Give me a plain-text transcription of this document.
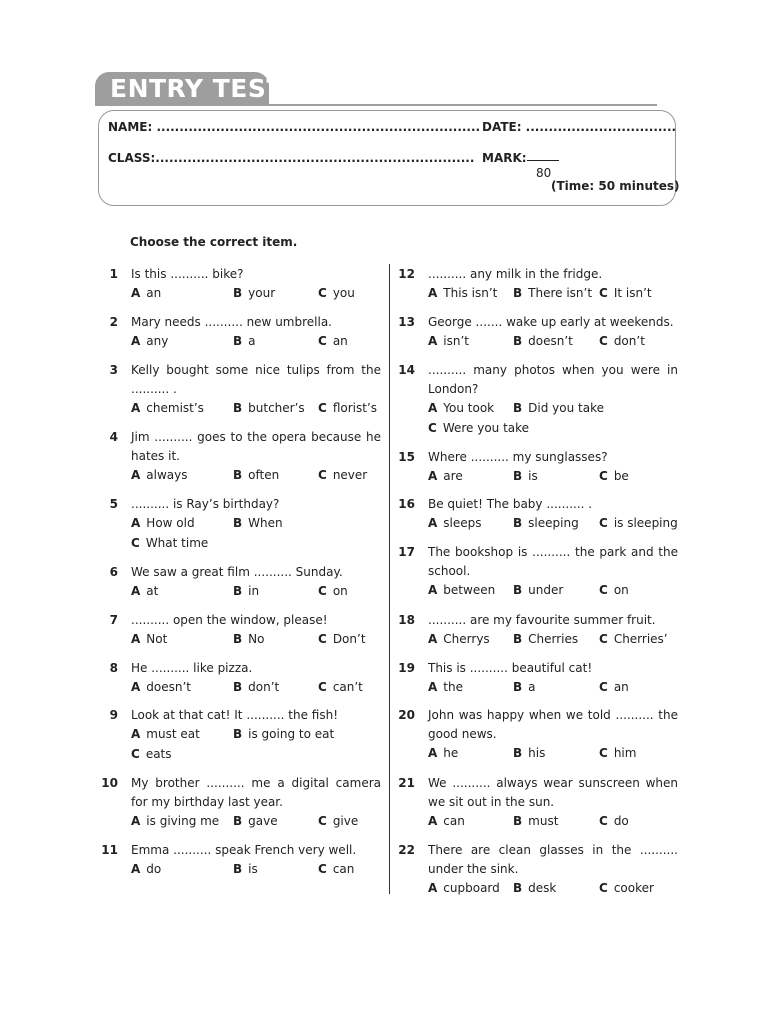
ENTRY TEST
NAME: ....................................................................... DATE: .................................
CLASS:...................................................................... MARK:
80
(Time: 50 minutes)
Choose the correct item.
1 Is this .......... bike?
A an	B your	C you
2 Mary needs .......... new umbrella.
A any	B a	C an
3 Kelly bought some nice tulips from the .......... .
A chemist’s B butcher’s C florist’s
4 Jim .......... goes to the opera because he hates it.
A always	B often	C never
5 .......... is Ray’s birthday?
A How old	B When
C What time
6 We saw a great film .......... Sunday.
A at	B in	C on
7 .......... open the window, please!
A Not	B No	C Don’t
8 He .......... like pizza.
A doesn’t	B don’t	C can’t
9 Look at that cat! It .......... the fish!
A must eat	B is going to eat
C eats
10 My brother .......... me a digital camera for my birthday last year.
A is giving me B gave	C give
11 Emma .......... speak French very well.
A do	B is	C can
12 .......... any milk in the fridge.
A This isn’t B There isn’t C It isn’t
13 George ....... wake up early at weekends.
A isn’t	B doesn’t C don’t
14 .......... many photos when you were in London?
A You took B Did you take
C Were you take
15 Where .......... my sunglasses?
A are	B is	C be
16 Be quiet! The baby .......... .
A sleeps	B sleeping C is sleeping
17 The bookshop is .......... the park and the school.
A between B under	C on
18 .......... are my favourite summer fruit.
A Cherrys B Cherries C Cherries’
19 This is .......... beautiful cat!
A the	B a	C an
20 John was happy when we told .......... the good news.
A he	B his	C him
21 We .......... always wear sunscreen when we sit out in the sun.
A can	B must	C do
22 There are clean glasses in the .......... under the sink.
A cupboard B desk	C cooker
